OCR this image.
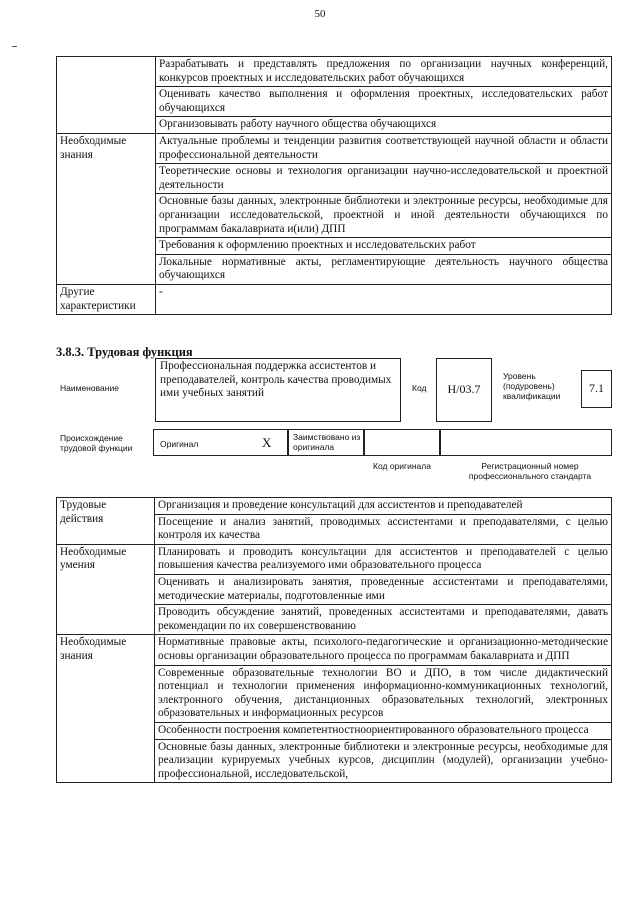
50
	Разрабатывать и представлять предложения по организации научных конференций, конкурсов проектных и исследовательских работ обучающихся
	Оценивать качество выполнения и оформления проектных, исследовательских работ обучающихся
	Организовывать работу научного общества обучающихся
Необходимые знания	Актуальные проблемы и тенденции развития соответствующей научной области и области профессиональной деятельности
	Теоретические основы и технология организации научно-исследовательской и проектной деятельности
	Основные базы данных, электронные библиотеки и электронные ресурсы, необходимые для организации исследовательской, проектной и иной деятельности обучающихся по программам бакалавриата и(или) ДПП
	Требования к оформлению проектных и исследовательских работ
	Локальные нормативные акты, регламентирующие деятельность научного общества обучающихся
Другие характеристики	-
3.8.3. Трудовая функция
Наименование
Профессиональная поддержка ассистентов и преподавателей, контроль качества проводимых ими учебных занятий	Код	H/03.7
Уровень (подуровень) квалификации
7.1
Происхождение трудовой функции	Оригинал	X	Заимствовано из оригинала
Код оригинала	Регистрационный номер профессионального стандарта
Трудовые действия	Организация и проведение консультаций для ассистентов и преподавателей
	Посещение и анализ занятий, проводимых ассистентами и преподавателями, с целью контроля их качества
Необходимые умения	Планировать и проводить консультации для ассистентов и преподавателей с целью повышения качества реализуемого ими образовательного процесса
	Оценивать и анализировать занятия, проведенные ассистентами и преподавателями, методические материалы, подготовленные ими
	Проводить обсуждение занятий, проведенных ассистентами и преподавателями, давать рекомендации по их совершенствованию
Необходимые знания	Нормативные правовые акты, психолого-педагогические и организационно-методические основы организации образовательного процесса по программам бакалавриата и ДПП
	Современные образовательные технологии ВО и ДПО, в том числе дидактический потенциал и технологии применения информационно-коммуникационных технологий, электронного обучения, дистанционных образовательных технологий, электронных образовательных и информационных ресурсов
	Особенности построения компетентностноориентированного образовательного процесса
	Основные базы данных, электронные библиотеки и электронные ресурсы, необходимые для реализации курируемых учебных курсов, дисциплин (модулей), организации учебно-профессиональной, исследовательской,
